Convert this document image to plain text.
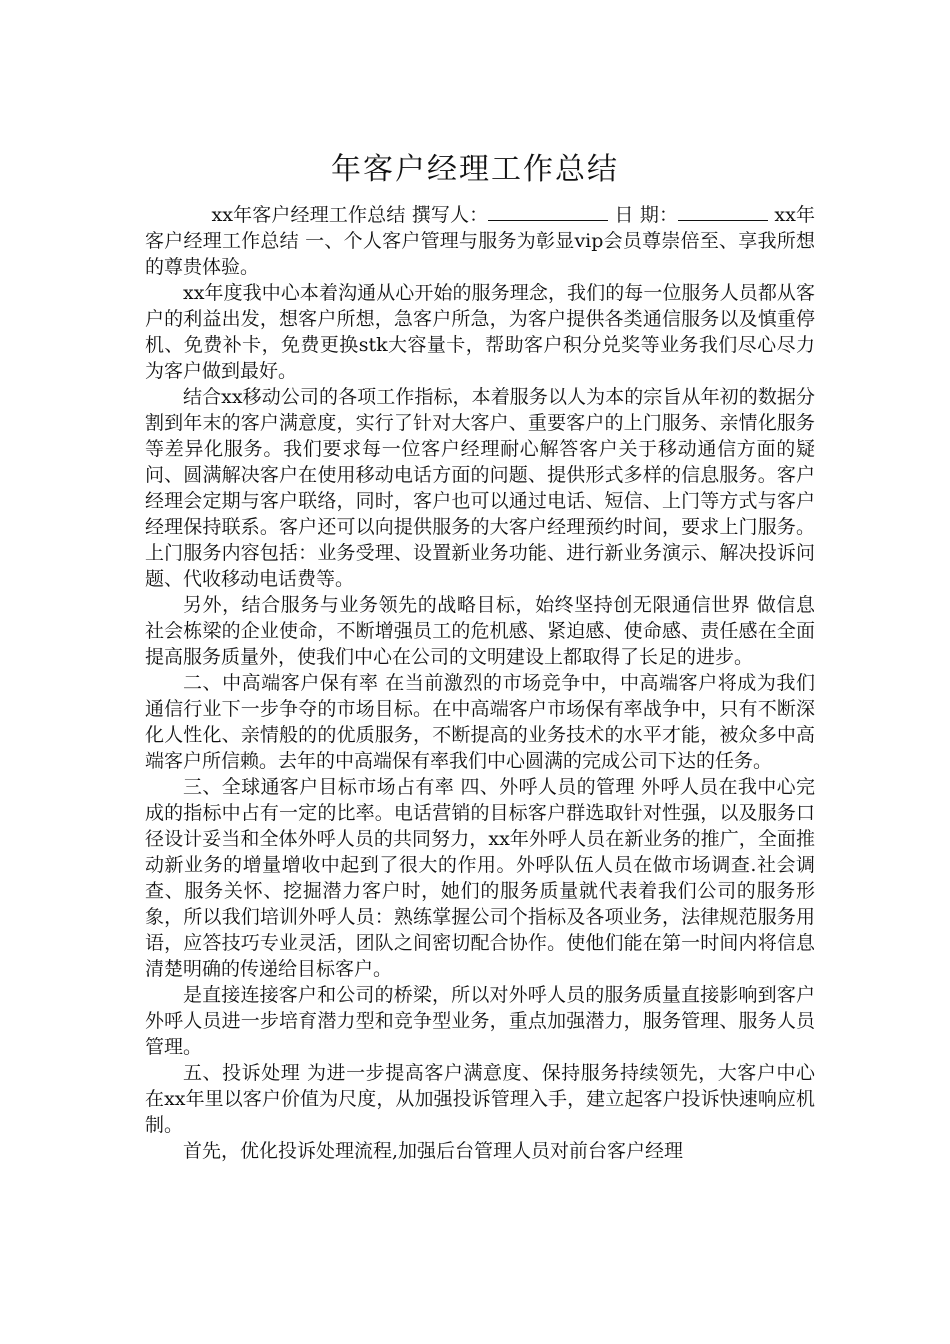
年客户经理工作总结

xx年客户经理工作总结 撰写人：	日 期：	xx年客户经理工作总结 一、个人客户管理与服务为彰显vip会员尊崇倍至、享我所想的尊贵体验。

xx年度我中心本着沟通从心开始的服务理念，我们的每一位服务人员都从客户的利益出发，想客户所想，急客户所急，为客户提供各类通信服务以及慎重停机、免费补卡，免费更换stk大容量卡，帮助客户积分兑奖等业务我们尽心尽力为客户做到最好。

结合xx移动公司的各项工作指标，本着服务以人为本的宗旨从年初的数据分割到年末的客户满意度，实行了针对大客户、重要客户的上门服务、亲情化服务等差异化服务。我们要求每一位客户经理耐心解答客户关于移动通信方面的疑问、圆满解决客户在使用移动电话方面的问题、提供形式多样的信息服务。客户经理会定期与客户联络，同时，客户也可以通过电话、短信、上门等方式与客户经理保持联系。客户还可以向提供服务的大客户经理预约时间，要求上门服务。上门服务内容包括：业务受理、设置新业务功能、进行新业务演示、解决投诉问题、代收移动电话费等。

另外，结合服务与业务领先的战略目标，始终坚持创无限通信世界 做信息社会栋梁的企业使命，不断增强员工的危机感、紧迫感、使命感、责任感在全面提高服务质量外，使我们中心在公司的文明建设上都取得了长足的进步。

二、中高端客户保有率 在当前激烈的市场竞争中，中高端客户将成为我们通信行业下一步争夺的市场目标。在中高端客户市场保有率战争中，只有不断深化人性化、亲情般的的优质服务，不断提高的业务技术的水平才能，被众多中高端客户所信赖。去年的中高端保有率我们中心圆满的完成公司下达的任务。

三、全球通客户目标市场占有率 四、外呼人员的管理 外呼人员在我中心完成的指标中占有一定的比率。电话营销的目标客户群选取针对性强，以及服务口径设计妥当和全体外呼人员的共同努力，xx年外呼人员在新业务的推广，全面推动新业务的增量增收中起到了很大的作用。外呼队伍人员在做市场调查.社会调查、服务关怀、挖掘潜力客户时，她们的服务质量就代表着我们公司的服务形象，所以我们培训外呼人员：熟练掌握公司个指标及各项业务，法律规范服务用语，应答技巧专业灵活，团队之间密切配合协作。使他们能在第一时间内将信息清楚明确的传递给目标客户。

是直接连接客户和公司的桥梁，所以对外呼人员的服务质量直接影响到客户 外呼人员进一步培育潜力型和竞争型业务，重点加强潜力，服务管理、服务人员管理。

五、投诉处理 为进一步提高客户满意度、保持服务持续领先，大客户中心在xx年里以客户价值为尺度，从加强投诉管理入手，建立起客户投诉快速响应机制。

首先，优化投诉处理流程,加强后台管理人员对前台客户经理
